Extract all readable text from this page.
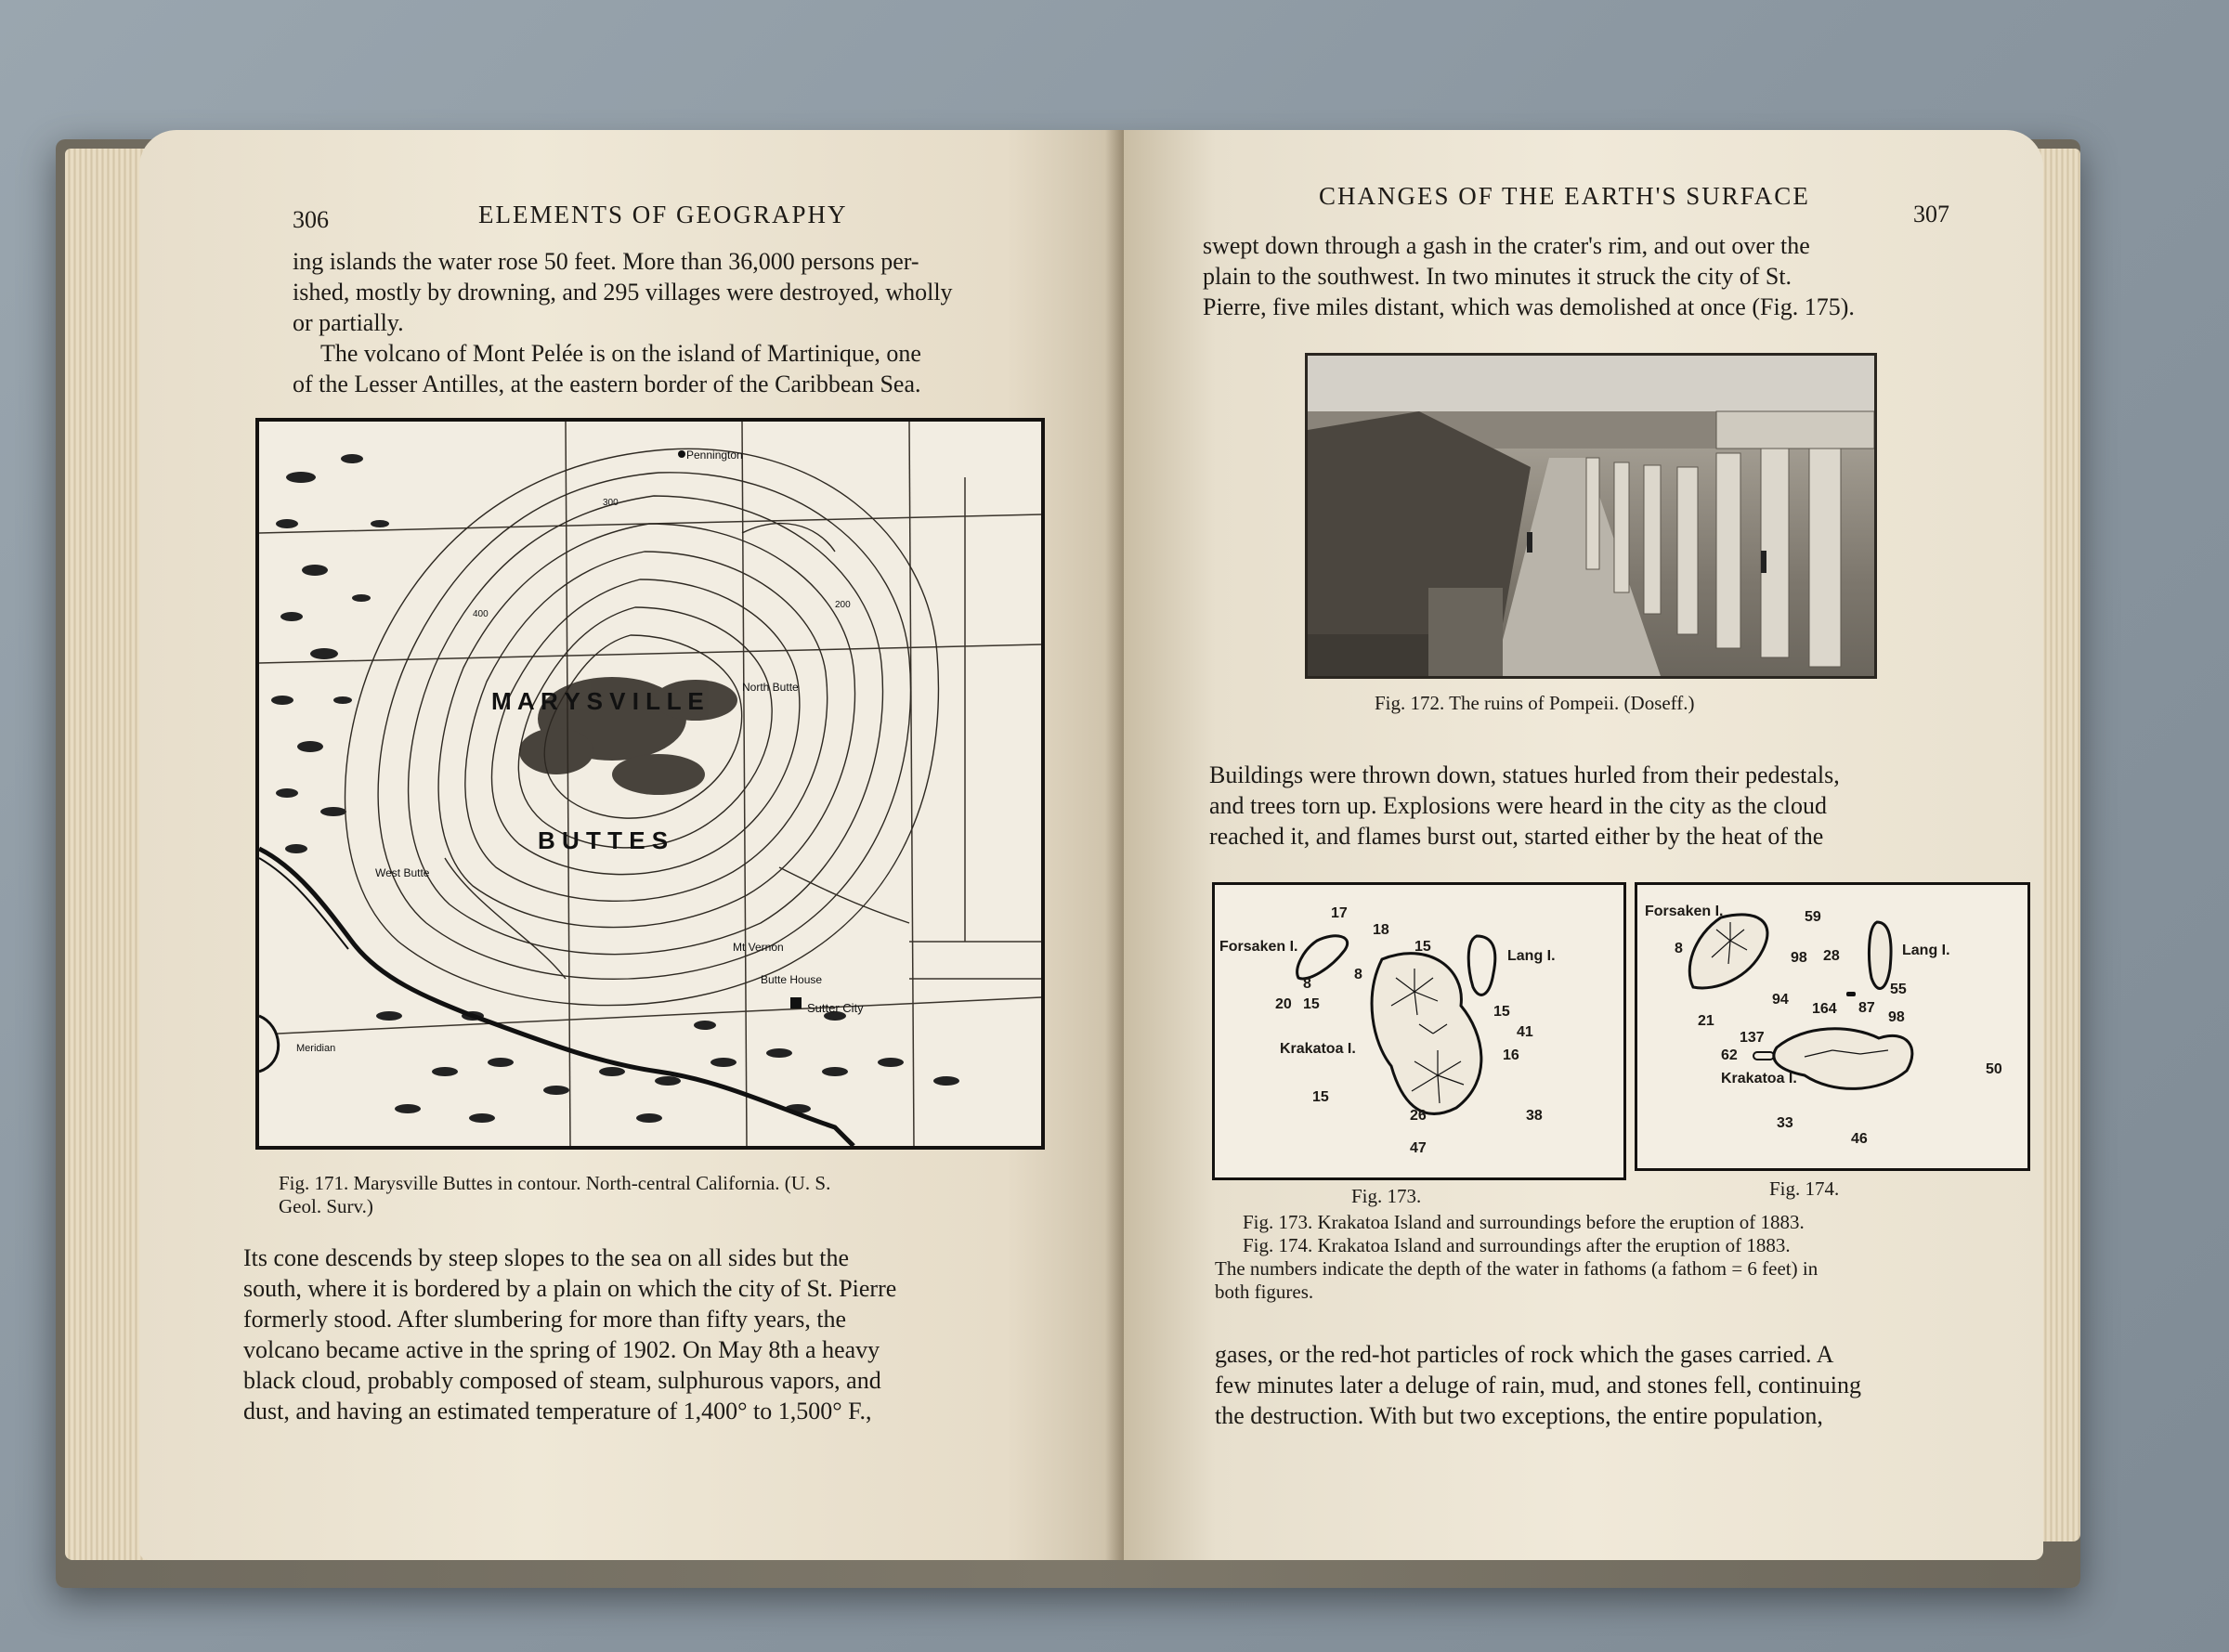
306	ELEMENTS OF GEOGRAPHY
ing islands the water rose 50 feet. More than 36,000 persons per-
ished, mostly by drowning, and 295 villages were destroyed, wholly
or partially.
The volcano of Mont Pelée is on the island of Martinique, one
of the Lesser Antilles, at the eastern border of the Caribbean Sea.
Pennington
West Butte
Mt Vernon
Butte House
Sutter City
Meridian
North Butte
M A R Y S V I L L E
B U T T E S
300
400
200
Fig. 171. Marysville Buttes in contour. North-central California. (U. S.
Geol. Surv.)
Its cone descends by steep slopes to the sea on all sides but the
south, where it is bordered by a plain on which the city of St. Pierre
formerly stood. After slumbering for more than fifty years, the
volcano became active in the spring of 1902. On May 8th a heavy
black cloud, probably composed of steam, sulphurous vapors, and
dust, and having an estimated temperature of 1,400° to 1,500° F.,
CHANGES OF THE EARTH'S SURFACE
307
swept down through a gash in the crater's rim, and out over the
plain to the southwest. In two minutes it struck the city of St.
Pierre, five miles distant, which was demolished at once (Fig. 175).
Fig. 172. The ruins of Pompeii. (Doseff.)
Buildings were thrown down, statues hurled from their pedestals,
and trees torn up. Explosions were heard in the city as the cloud
reached it, and flames burst out, started either by the heat of the
17
18
15
Forsaken I.
Lang I.
8
20 15	15
41
16
Krakatoa I.
15
26	38
47
8
Fig. 173.
Forsaken I.	59
8
98 28	Lang I.
55
94
164 87
98
21
137
62
50
Krakatoa I.
33
46
Fig. 174.
Fig. 173. Krakatoa Island and surroundings before the eruption of 1883.
Fig. 174. Krakatoa Island and surroundings after the eruption of 1883.
The numbers indicate the depth of the water in fathoms (a fathom = 6 feet) in
both figures.
gases, or the red-hot particles of rock which the gases carried. A
few minutes later a deluge of rain, mud, and stones fell, continuing
the destruction. With but two exceptions, the entire population,
